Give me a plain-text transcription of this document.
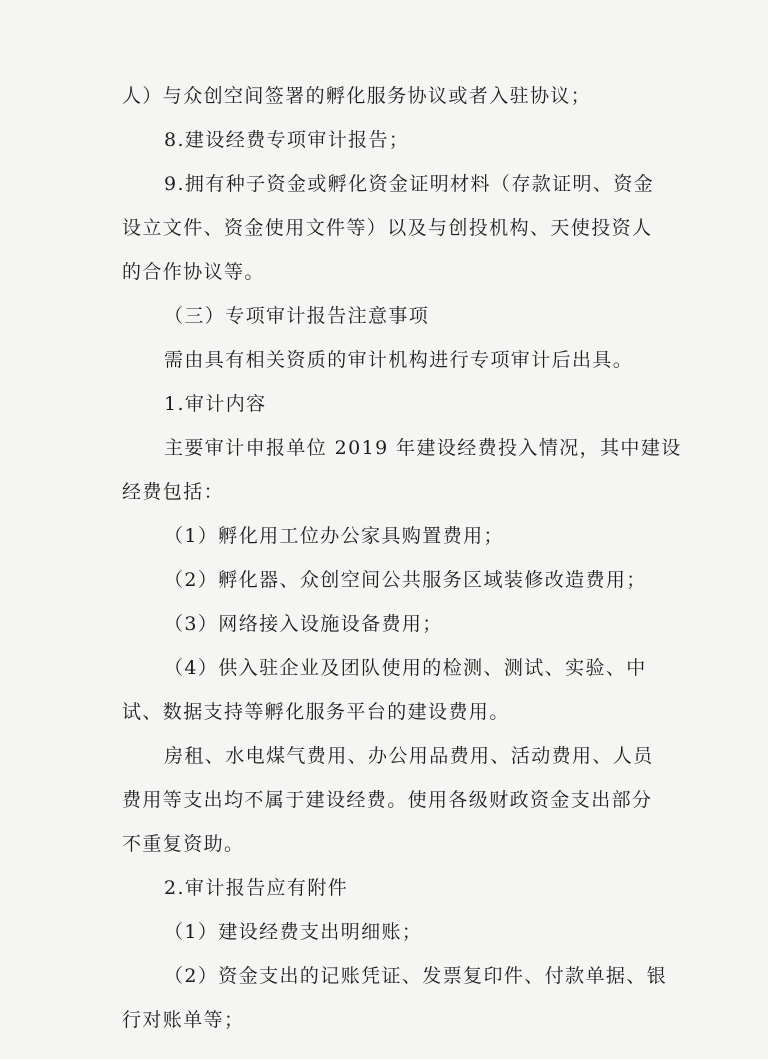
人）与众创空间签署的孵化服务协议或者入驻协议；

8.建设经费专项审计报告；

9.拥有种子资金或孵化资金证明材料（存款证明、资金

设立文件、资金使用文件等）以及与创投机构、天使投资人

的合作协议等。

（三）专项审计报告注意事项

需由具有相关资质的审计机构进行专项审计后出具。

1.审计内容

主要审计申报单位 2019 年建设经费投入情况，其中建设

经费包括：

（1）孵化用工位办公家具购置费用；

（2）孵化器、众创空间公共服务区域装修改造费用；

（3）网络接入设施设备费用；

（4）供入驻企业及团队使用的检测、测试、实验、中

试、数据支持等孵化服务平台的建设费用。

房租、水电煤气费用、办公用品费用、活动费用、人员

费用等支出均不属于建设经费。使用各级财政资金支出部分

不重复资助。

2.审计报告应有附件

（1）建设经费支出明细账；

（2）资金支出的记账凭证、发票复印件、付款单据、银

行对账单等；
